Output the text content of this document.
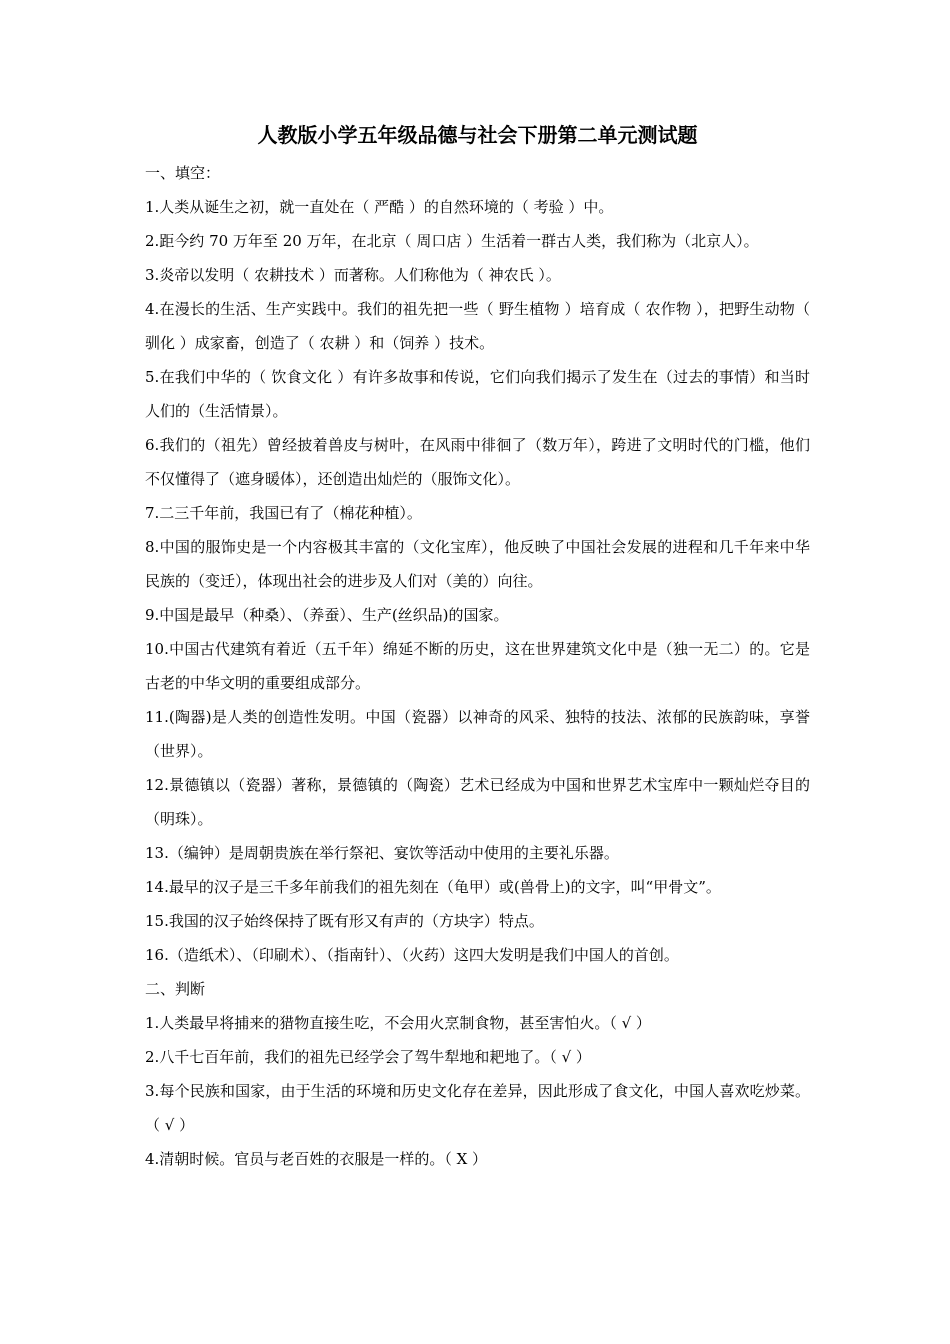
人教版小学五年级品德与社会下册第二单元测试题
一、填空：

1.人类从诞生之初，就一直处在（ 严酷 ）的自然环境的（ 考验 ）中。

2.距今约 70 万年至 20 万年，在北京（ 周口店 ）生活着一群古人类，我们称为（北京人）。

3.炎帝以发明（ 农耕技术 ）而著称。人们称他为（ 神农氏 ）。

4.在漫长的生活、生产实践中。我们的祖先把一些（ 野生植物 ）培育成（ 农作物 ），把野生动物（ 驯化 ）成家畜，创造了（ 农耕 ）和（饲养 ）技术。

5.在我们中华的（ 饮食文化 ）有许多故事和传说，它们向我们揭示了发生在（过去的事情）和当时人们的（生活情景）。

6.我们的（祖先）曾经披着兽皮与树叶，在风雨中徘徊了（数万年），跨进了文明时代的门槛，他们不仅懂得了（遮身暖体），还创造出灿烂的（服饰文化）。

7.二三千年前，我国已有了（棉花种植）。

8.中国的服饰史是一个内容极其丰富的（文化宝库），他反映了中国社会发展的进程和几千年来中华民族的（变迁），体现出社会的进步及人们对（美的）向往。

9.中国是最早（种桑）、（养蚕）、生产(丝织品)的国家。

10.中国古代建筑有着近（五千年）绵延不断的历史，这在世界建筑文化中是（独一无二）的。它是古老的中华文明的重要组成部分。

11.(陶器)是人类的创造性发明。中国（瓷器）以神奇的风采、独特的技法、浓郁的民族韵味，享誉（世界）。

12.景德镇以（瓷器）著称，景德镇的（陶瓷）艺术已经成为中国和世界艺术宝库中一颗灿烂夺目的（明珠）。

13.（编钟）是周朝贵族在举行祭祀、宴饮等活动中使用的主要礼乐器。

14.最早的汉子是三千多年前我们的祖先刻在（龟甲）或(兽骨上)的文字，叫“甲骨文”。

15.我国的汉子始终保持了既有形又有声的（方块字）特点。

16.（造纸术）、（印刷术）、（指南针）、（火药）这四大发明是我们中国人的首创。

二、判断

1.人类最早将捕来的猎物直接生吃，不会用火烹制食物，甚至害怕火。（ √ ）

2.八千七百年前，我们的祖先已经学会了驾牛犁地和耙地了。（ √ ）

3.每个民族和国家，由于生活的环境和历史文化存在差异，因此形成了食文化，中国人喜欢吃炒菜。（ √ ）

4.清朝时候。官员与老百姓的衣服是一样的。（ X ）
